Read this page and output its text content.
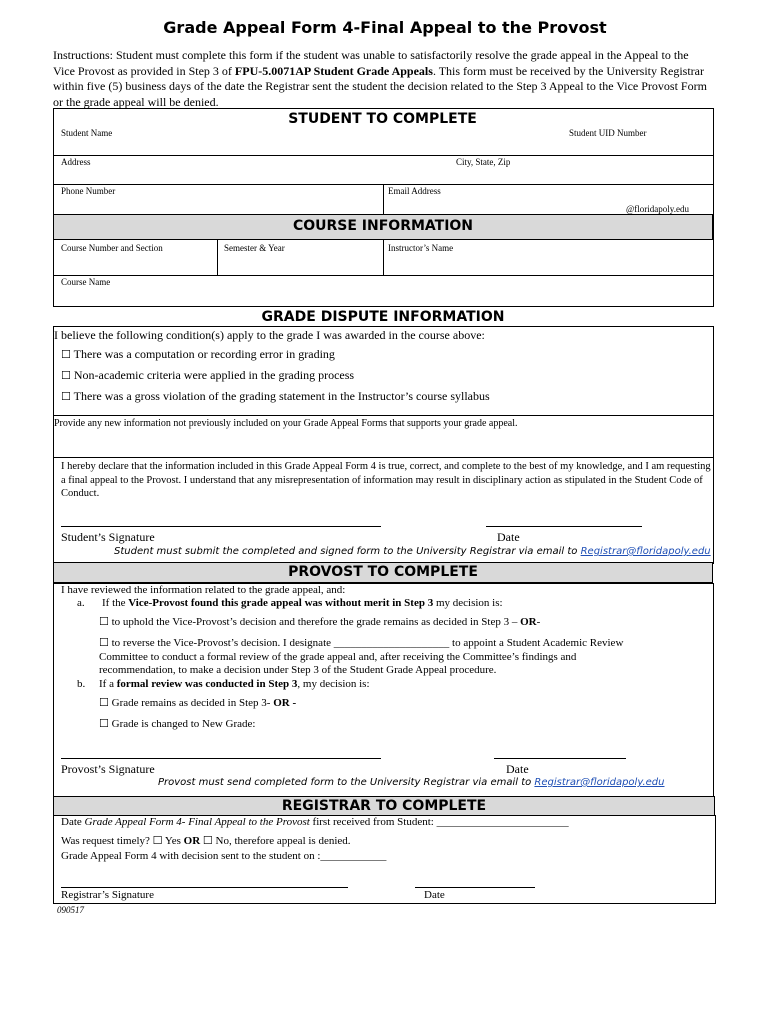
Grade Appeal Form 4-Final Appeal to the Provost
Instructions: Student must complete this form if the student was unable to satisfactorily resolve the grade appeal in the Appeal to the Vice Provost as provided in Step 3 of FPU-5.0071AP Student Grade Appeals. This form must be received by the University Registrar within five (5) business days of the date the Registrar sent the student the decision related to the Step 3 Appeal to the Vice Provost Form or the grade appeal will be denied.
STUDENT TO COMPLETE
Student Name	Student UID Number
Address	City, State, Zip
Phone Number	Email Address
@floridapoly.edu
COURSE INFORMATION
Course Number and Section	Semester & Year	Instructor’s Name
Course Name
GRADE DISPUTE INFORMATION
I believe the following condition(s) apply to the grade I was awarded in the course above:
☐ There was a computation or recording error in grading
☐ Non-academic criteria were applied in the grading process
☐ There was a gross violation of the grading statement in the Instructor’s course syllabus
Provide any new information not previously included on your Grade Appeal Forms that supports your grade appeal.
I hereby declare that the information included in this Grade Appeal Form 4 is true, correct, and complete to the best of my knowledge, and I am requesting a final appeal to the Provost. I understand that any misrepresentation of information may result in disciplinary action as stipulated in the Student Code of Conduct.
Student’s Signature	Date
Student must submit the completed and signed form to the University Registrar via email to Registrar@floridapoly.edu
PROVOST TO COMPLETE
I have reviewed the information related to the grade appeal, and:
a. If the Vice-Provost found this grade appeal was without merit in Step 3 my decision is:
☐ to uphold the Vice-Provost’s decision and therefore the grade remains as decided in Step 3 – OR-
☐ to reverse the Vice-Provost’s decision. I designate _____________________ to appoint a Student Academic Review
Committee to conduct a formal review of the grade appeal and, after receiving the Committee’s findings and
recommendation, to make a decision under Step 3 of the Student Grade Appeal procedure.
b. If a formal review was conducted in Step 3, my decision is:
☐ Grade remains as decided in Step 3- OR -
☐ Grade is changed to New Grade:
Provost’s Signature	Date
Provost must send completed form to the University Registrar via email to Registrar@floridapoly.edu
REGISTRAR TO COMPLETE
Date Grade Appeal Form 4- Final Appeal to the Provost first received from Student: ________________________
Was request timely? ☐ Yes OR ☐ No, therefore appeal is denied.
Grade Appeal Form 4 with decision sent to the student on :____________
Registrar’s Signature	Date
090517
